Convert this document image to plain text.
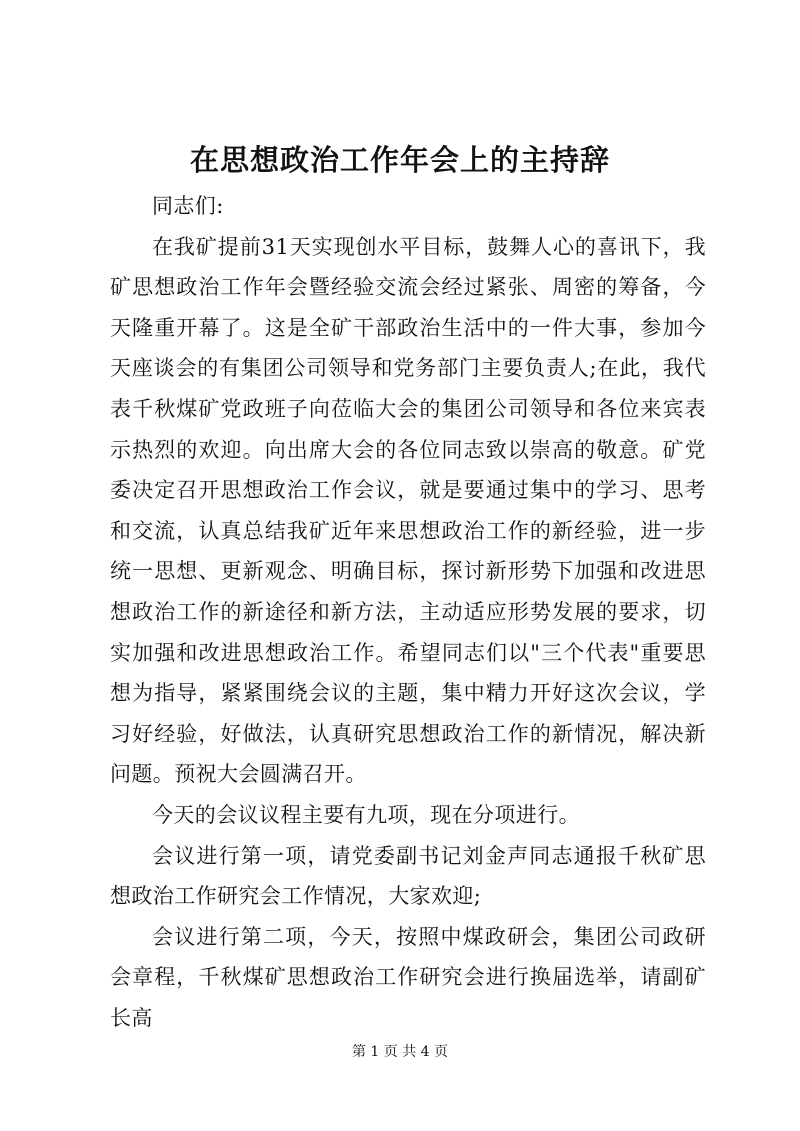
在思想政治工作年会上的主持辞

同志们:

在我矿提前31天实现创水平目标，鼓舞人心的喜讯下，我矿思想政治工作年会暨经验交流会经过紧张、周密的筹备，今天隆重开幕了。这是全矿干部政治生活中的一件大事，参加今天座谈会的有集团公司领导和党务部门主要负责人;在此，我代表千秋煤矿党政班子向莅临大会的集团公司领导和各位来宾表示热烈的欢迎。向出席大会的各位同志致以崇高的敬意。矿党委决定召开思想政治工作会议，就是要通过集中的学习、思考和交流，认真总结我矿近年来思想政治工作的新经验，进一步统一思想、更新观念、明确目标，探讨新形势下加强和改进思想政治工作的新途径和新方法，主动适应形势发展的要求，切实加强和改进思想政治工作。希望同志们以"三个代表"重要思想为指导，紧紧围绕会议的主题，集中精力开好这次会议，学习好经验，好做法，认真研究思想政治工作的新情况，解决新问题。预祝大会圆满召开。

今天的会议议程主要有九项，现在分项进行。

会议进行第一项，请党委副书记刘金声同志通报千秋矿思想政治工作研究会工作情况，大家欢迎;

会议进行第二项，今天，按照中煤政研会，集团公司政研会章程，千秋煤矿思想政治工作研究会进行换届选举，请副矿长高

第 1 页 共 4 页
